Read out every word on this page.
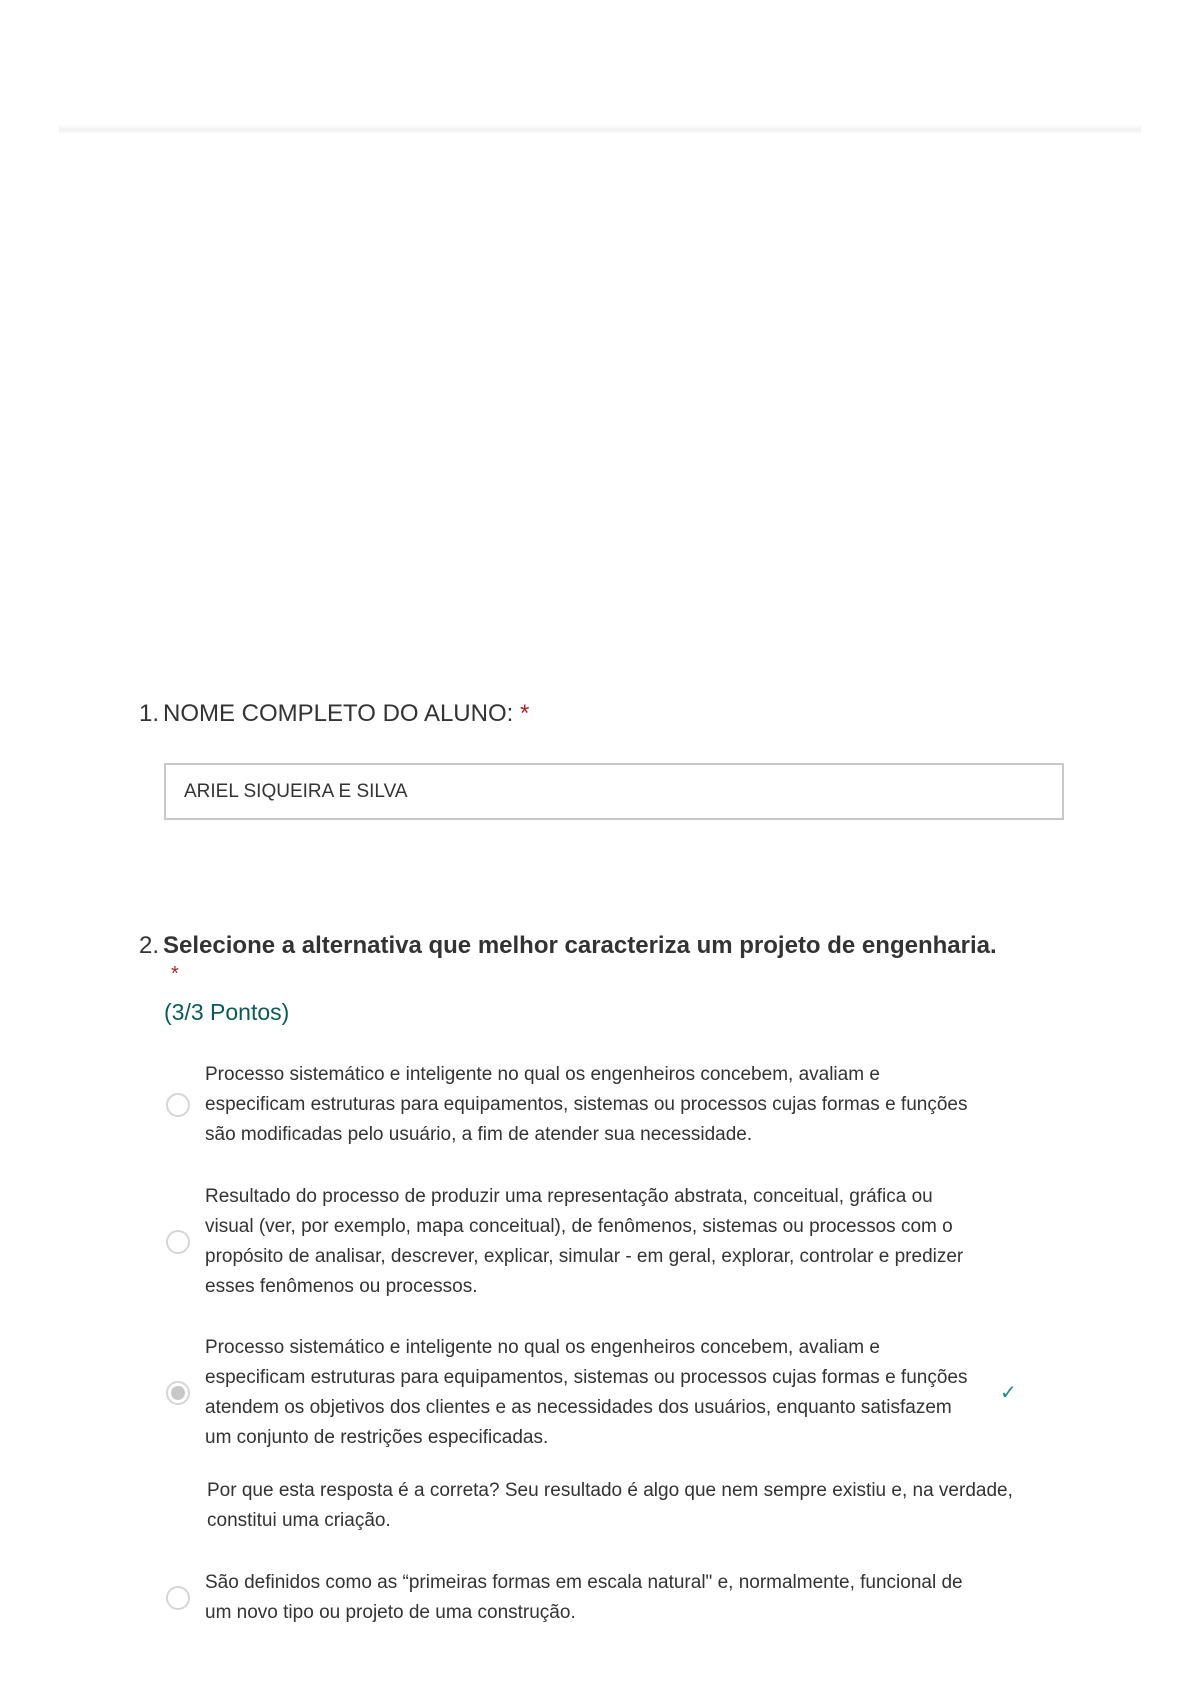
1. NOME COMPLETO DO ALUNO: *
ARIEL SIQUEIRA E SILVA
2. Selecione a alternativa que melhor caracteriza um projeto de engenharia.
*
(3/3 Pontos)
Processo sistemático e inteligente no qual os engenheiros concebem, avaliam e especificam estruturas para equipamentos, sistemas ou processos cujas formas e funções são modificadas pelo usuário, a fim de atender sua necessidade.
Resultado do processo de produzir uma representação abstrata, conceitual, gráfica ou visual (ver, por exemplo, mapa conceitual), de fenômenos, sistemas ou processos com o propósito de analisar, descrever, explicar, simular - em geral, explorar, controlar e predizer esses fenômenos ou processos.
Processo sistemático e inteligente no qual os engenheiros concebem, avaliam e especificam estruturas para equipamentos, sistemas ou processos cujas formas e funções atendem os objetivos dos clientes e as necessidades dos usuários, enquanto satisfazem um conjunto de restrições especificadas.
✓
Por que esta resposta é a correta? Seu resultado é algo que nem sempre existiu e, na verdade, constitui uma criação.
São definidos como as “primeiras formas em escala natural" e, normalmente, funcional de um novo tipo ou projeto de uma construção.
